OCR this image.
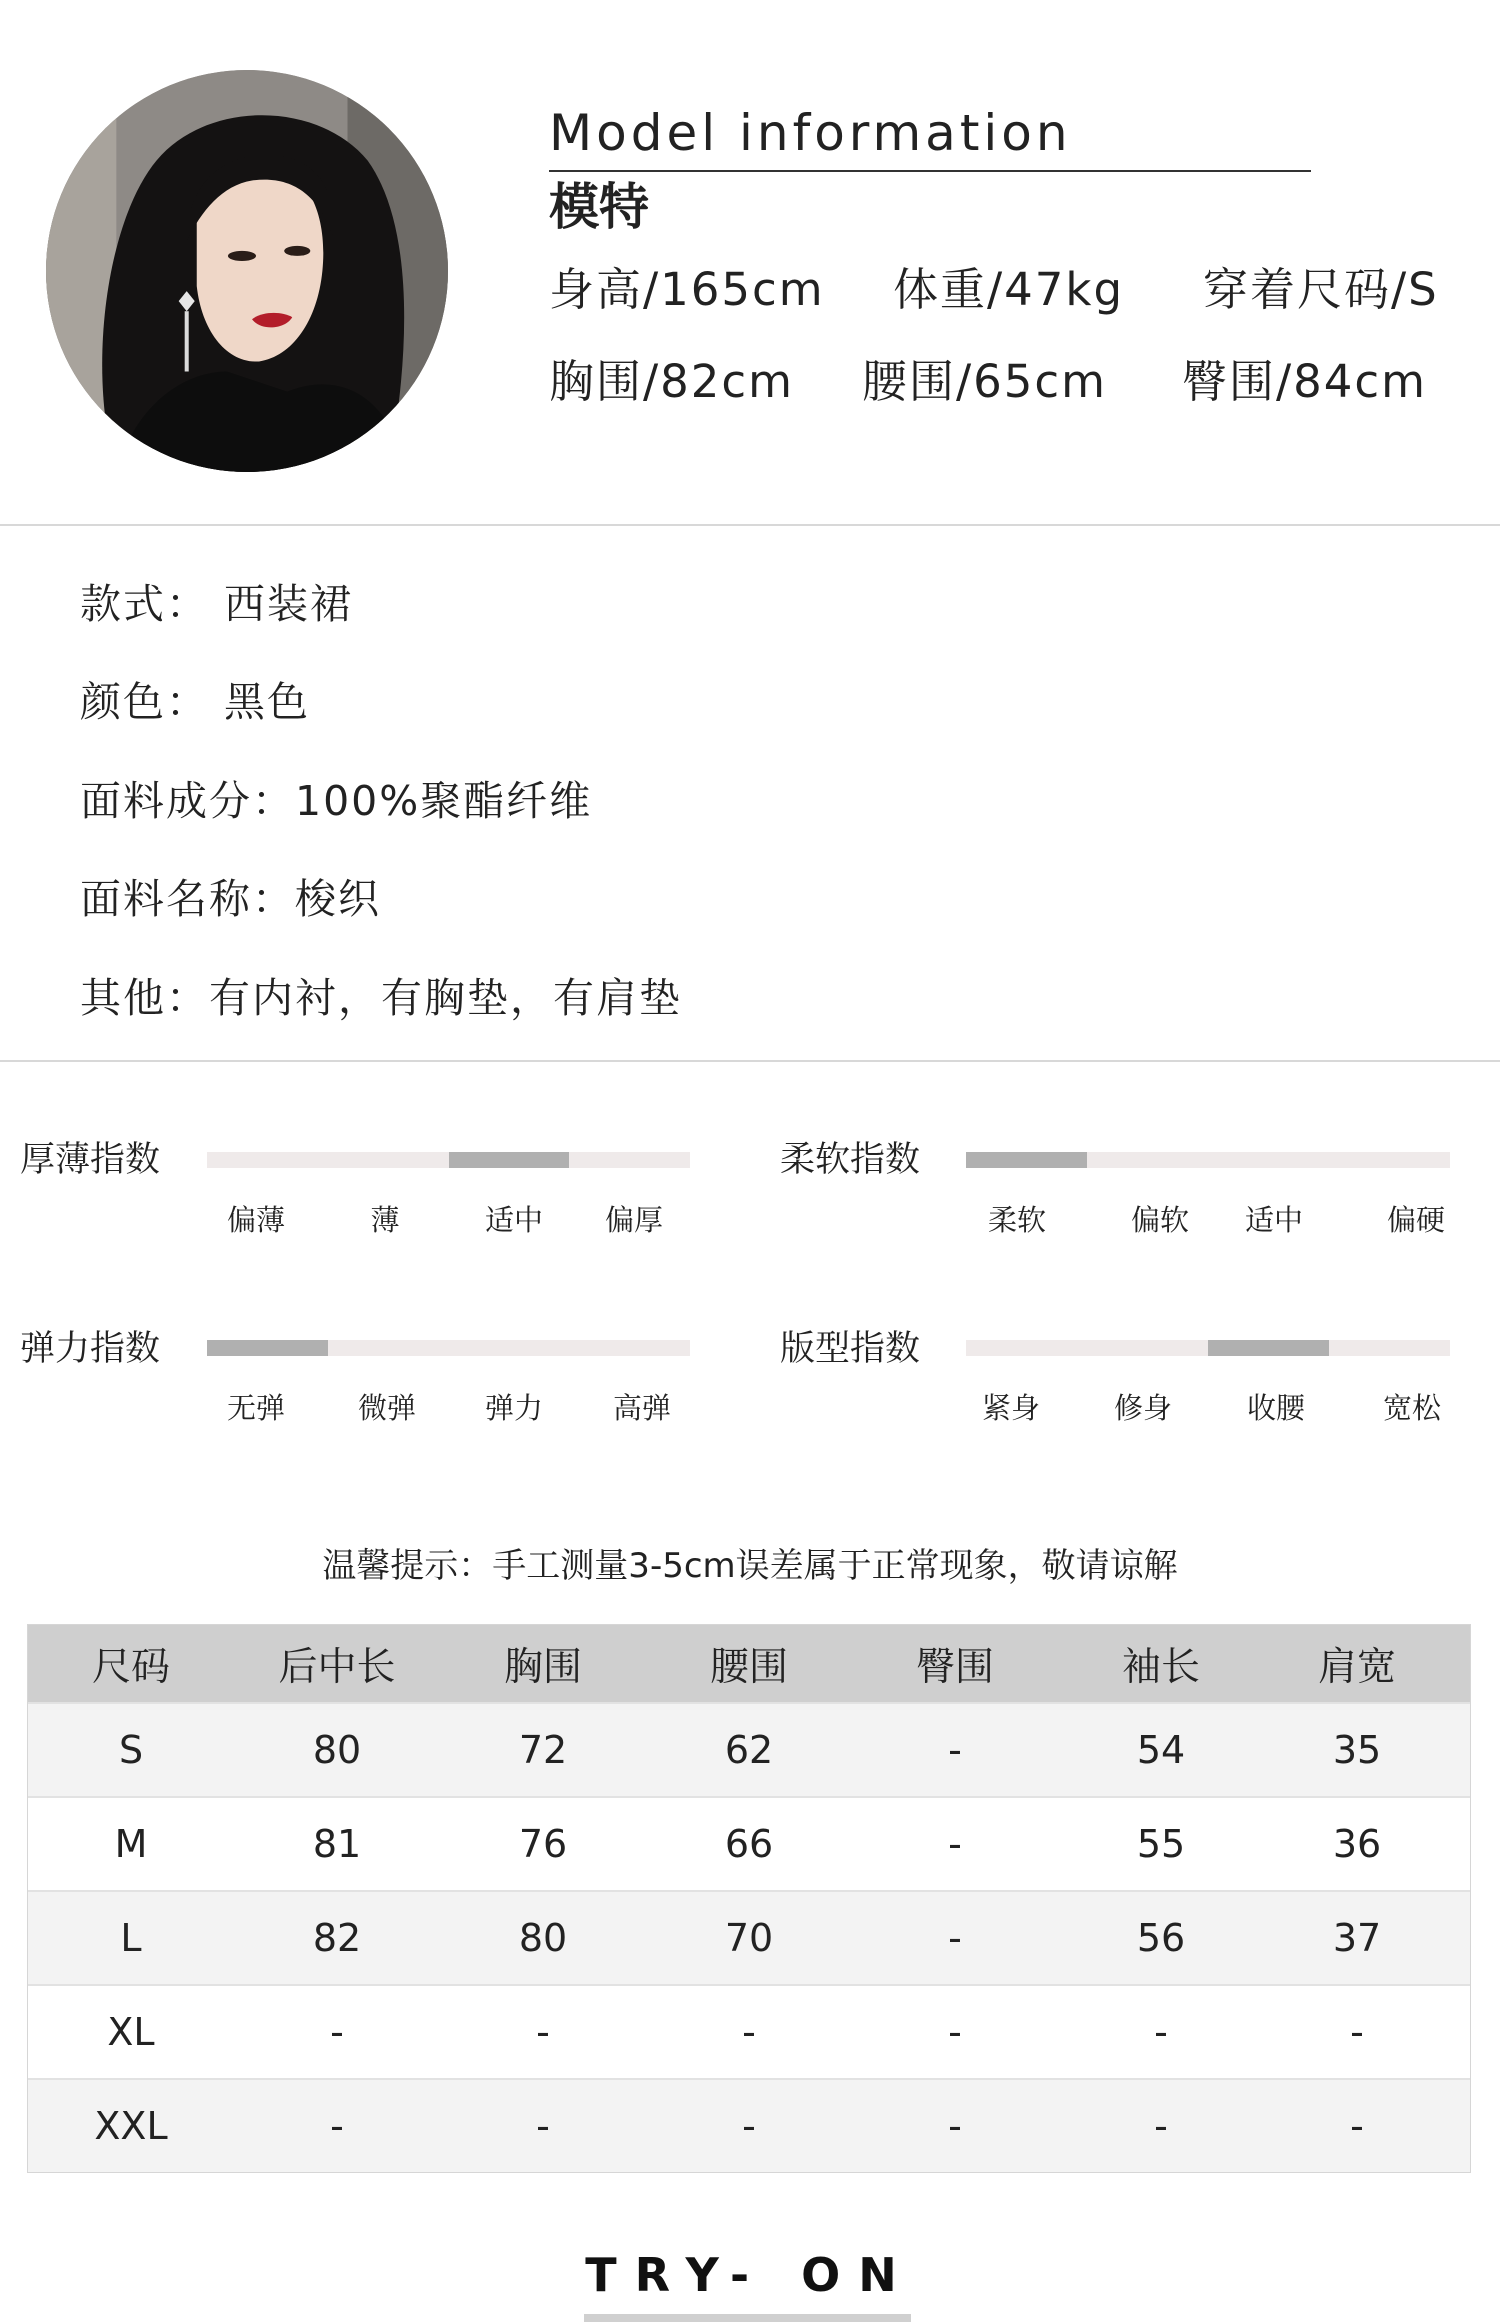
Model information
模特
身高/165cm 体重/47kg 穿着尺码/S
胸围/82cm 腰围/65cm 臀围/84cm
款式： 西装裙
颜色： 黑色
面料成分：100%聚酯纤维
面料名称：梭织
其他：有内衬，有胸垫，有肩垫
厚薄指数
偏薄	薄	适中 偏厚
柔软指数
柔软	偏软 适中	偏硬
弹力指数
无弹	微弹 弹力 高弹
版型指数
紧身	修身	收腰	宽松
温馨提示：手工测量3-5cm误差属于正常现象，敬请谅解
尺码	后中长	胸围	腰围	臀围	袖长	肩宽
S	80	72	62	-	54	35
M	81	76	66	-	55	36
L	82	80	70	-	56	37
XL	-	-	-	-	-	-
XXL	-	-	-	-	-	-
TRY- ON
